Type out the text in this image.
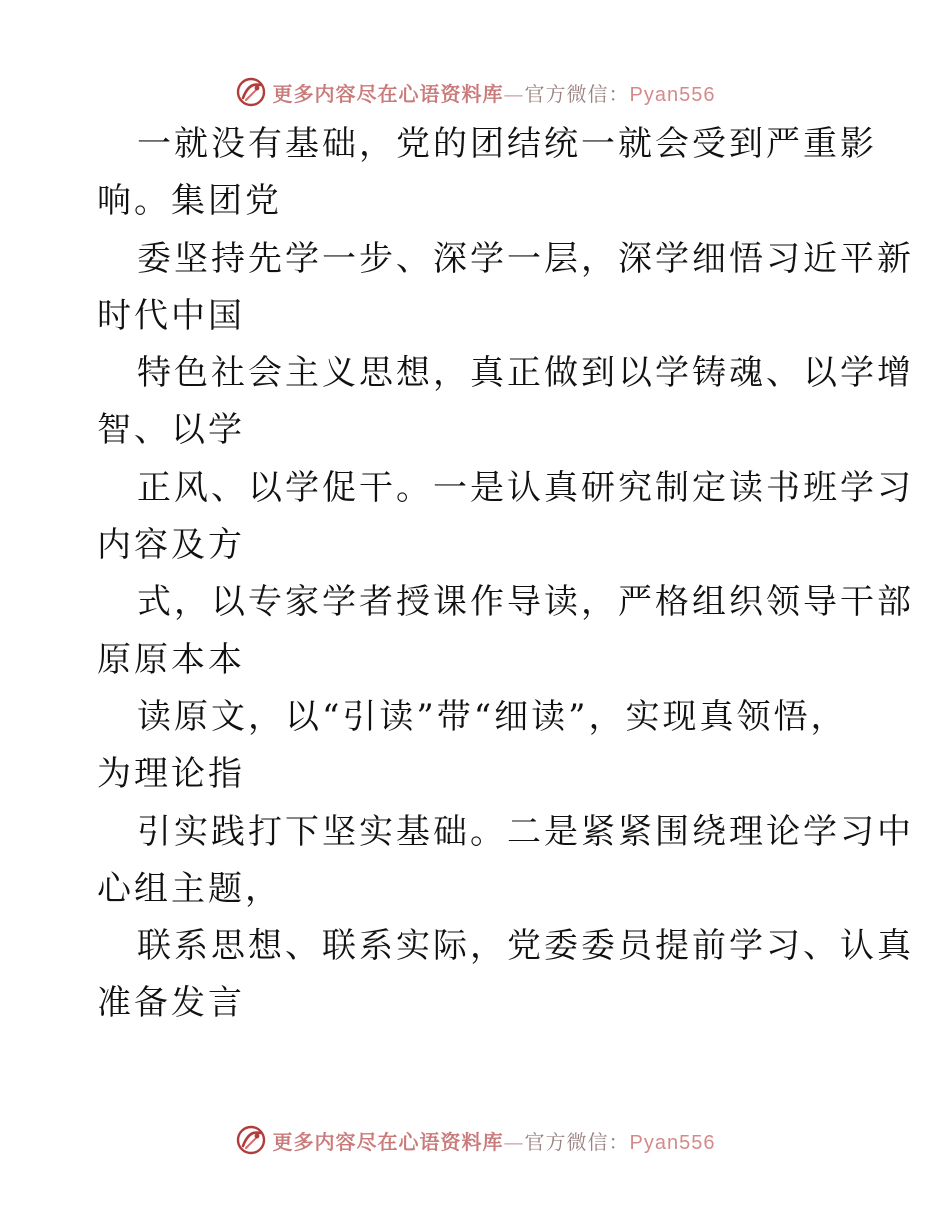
更多内容尽在心语资料库—官方微信：Pyan556
一就没有基础，党的团结统一就会受到严重影
响。集团党
委坚持先学一步、深学一层，深学细悟习近平新
时代中国
特色社会主义思想，真正做到以学铸魂、以学增
智、以学
正风、以学促干。一是认真研究制定读书班学习
内容及方
式，以专家学者授课作导读，严格组织领导干部
原原本本
读原文，以“引读”带“细读”，实现真领悟，
为理论指
引实践打下坚实基础。二是紧紧围绕理论学习中
心组主题，
联系思想、联系实际，党委委员提前学习、认真
准备发言
更多内容尽在心语资料库—官方微信：Pyan556
